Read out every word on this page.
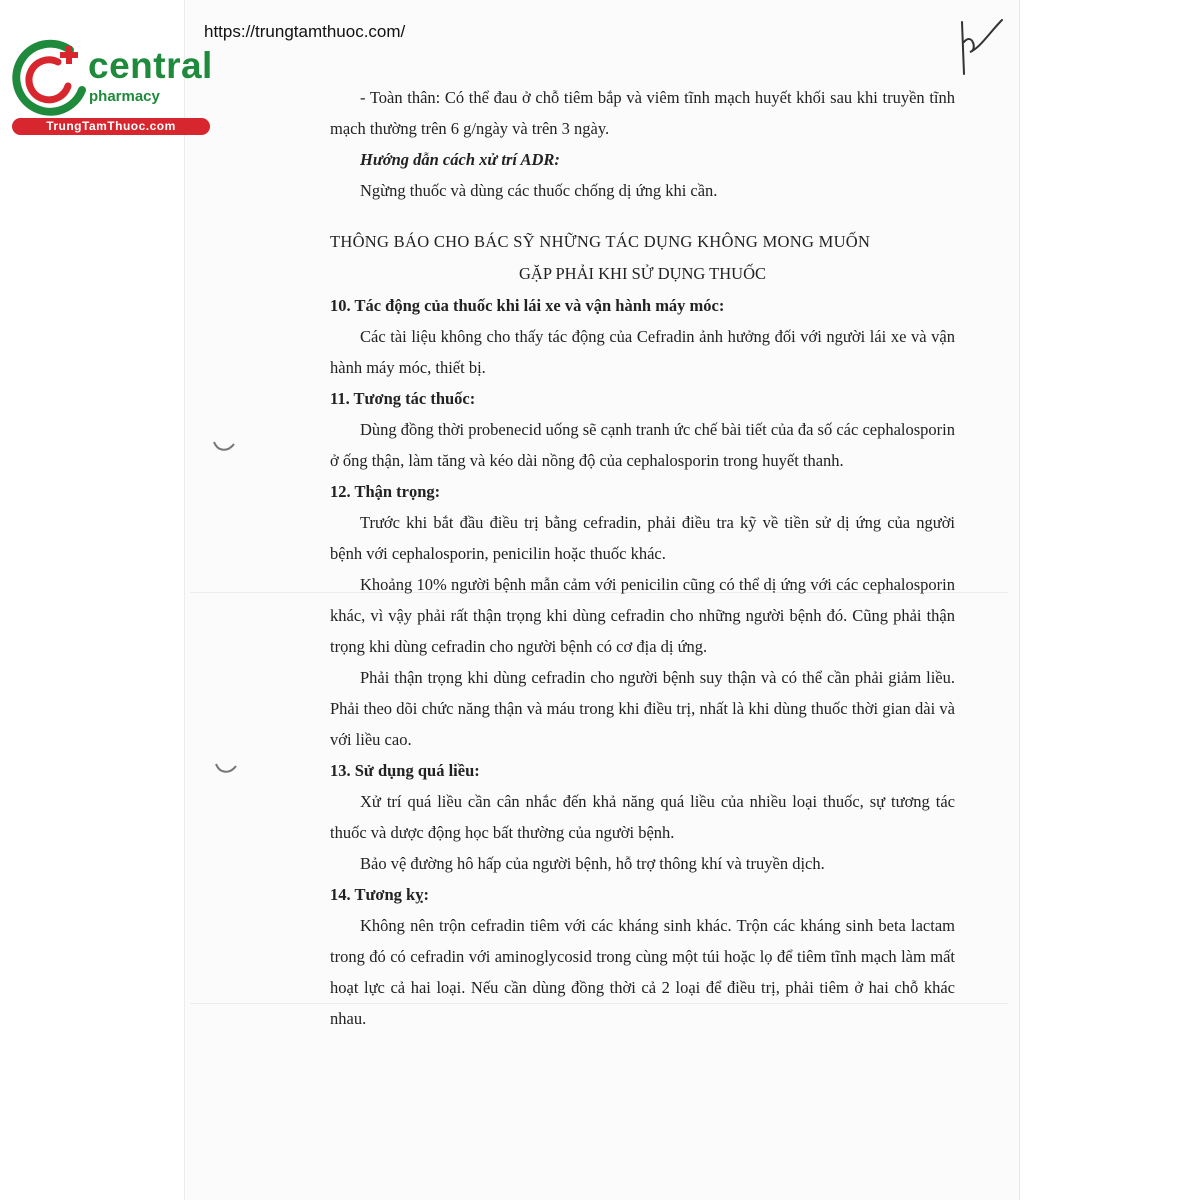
central
pharmacy
TrungTamThuoc.com
https://trungtamthuoc.com/

- Toàn thân: Có thể đau ở chỗ tiêm bắp và viêm tĩnh mạch huyết khối sau khi truyền tĩnh mạch thường trên 6 g/ngày và trên 3 ngày.

Hướng dẫn cách xử trí ADR:

Ngừng thuốc và dùng các thuốc chống dị ứng khi cần.

THÔNG BÁO CHO BÁC SỸ NHỮNG TÁC DỤNG KHÔNG MONG MUỐN

GẶP PHẢI KHI SỬ DỤNG THUỐC

10. Tác động của thuốc khi lái xe và vận hành máy móc:

Các tài liệu không cho thấy tác động của Cefradin ảnh hưởng đối với người lái xe và vận hành máy móc, thiết bị.

11. Tương tác thuốc:

Dùng đồng thời probenecid uống sẽ cạnh tranh ức chế bài tiết của đa số các cephalosporin ở ống thận, làm tăng và kéo dài nồng độ của cephalosporin trong huyết thanh.

12. Thận trọng:

Trước khi bắt đầu điều trị bằng cefradin, phải điều tra kỹ về tiền sử dị ứng của người bệnh với cephalosporin, penicilin hoặc thuốc khác.

Khoảng 10% người bệnh mẫn cảm với penicilin cũng có thể dị ứng với các cephalosporin khác, vì vậy phải rất thận trọng khi dùng cefradin cho những người bệnh đó. Cũng phải thận trọng khi dùng cefradin cho người bệnh có cơ địa dị ứng.

Phải thận trọng khi dùng cefradin cho người bệnh suy thận và có thể cần phải giảm liều. Phải theo dõi chức năng thận và máu trong khi điều trị, nhất là khi dùng thuốc thời gian dài và với liều cao.

13. Sử dụng quá liều:

Xử trí quá liều cần cân nhắc đến khả năng quá liều của nhiều loại thuốc, sự tương tác thuốc và dược động học bất thường của người bệnh.

Bảo vệ đường hô hấp của người bệnh, hỗ trợ thông khí và truyền dịch.

14. Tương kỵ:

Không nên trộn cefradin tiêm với các kháng sinh khác. Trộn các kháng sinh beta lactam trong đó có cefradin với aminoglycosid trong cùng một túi hoặc lọ để tiêm tĩnh mạch làm mất hoạt lực cả hai loại. Nếu cần dùng đồng thời cả 2 loại để điều trị, phải tiêm ở hai chỗ khác nhau.
